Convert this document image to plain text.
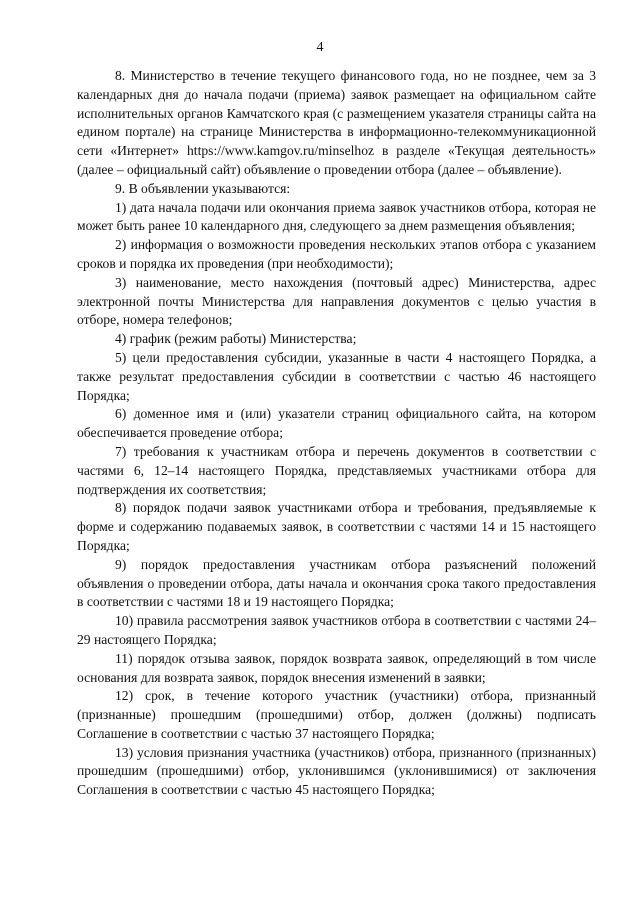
4

8. Министерство в течение текущего финансового года, но не позднее, чем за 3 календарных дня до начала подачи (приема) заявок размещает на официальном сайте исполнительных органов Камчатского края (с размещением указателя страницы сайта на едином портале) на странице Министерства в информационно-телекоммуникационной сети «Интернет» https://www.kamgov.ru/minselhoz в разделе «Текущая деятельность» (далее – официальный сайт) объявление о проведении отбора (далее – объявление).

9. В объявлении указываются:

1) дата начала подачи или окончания приема заявок участников отбора, которая не может быть ранее 10 календарного дня, следующего за днем размещения объявления;

2) информация о возможности проведения нескольких этапов отбора с указанием сроков и порядка их проведения (при необходимости);

3) наименование, место нахождения (почтовый адрес) Министерства, адрес электронной почты Министерства для направления документов с целью участия в отборе, номера телефонов;

4) график (режим работы) Министерства;

5) цели предоставления субсидии, указанные в части 4 настоящего Порядка, а также результат предоставления субсидии в соответствии с частью 46 настоящего Порядка;

6) доменное имя и (или) указатели страниц официального сайта, на котором обеспечивается проведение отбора;

7) требования к участникам отбора и перечень документов в соответствии с частями 6, 12–14 настоящего Порядка, представляемых участниками отбора для подтверждения их соответствия;

8) порядок подачи заявок участниками отбора и требования, предъявляемые к форме и содержанию подаваемых заявок, в соответствии с частями 14 и 15 настоящего Порядка;

9) порядок предоставления участникам отбора разъяснений положений объявления о проведении отбора, даты начала и окончания срока такого предоставления в соответствии с частями 18 и 19 настоящего Порядка;

10) правила рассмотрения заявок участников отбора в соответствии с частями 24–29 настоящего Порядка;

11) порядок отзыва заявок, порядок возврата заявок, определяющий в том числе основания для возврата заявок, порядок внесения изменений в заявки;

12) срок, в течение которого участник (участники) отбора, признанный (признанные) прошедшим (прошедшими) отбор, должен (должны) подписать Соглашение в соответствии с частью 37 настоящего Порядка;

13) условия признания участника (участников) отбора, признанного (признанных) прошедшим (прошедшими) отбор, уклонившимся (уклонившимися) от заключения Соглашения в соответствии с частью 45 настоящего Порядка;
